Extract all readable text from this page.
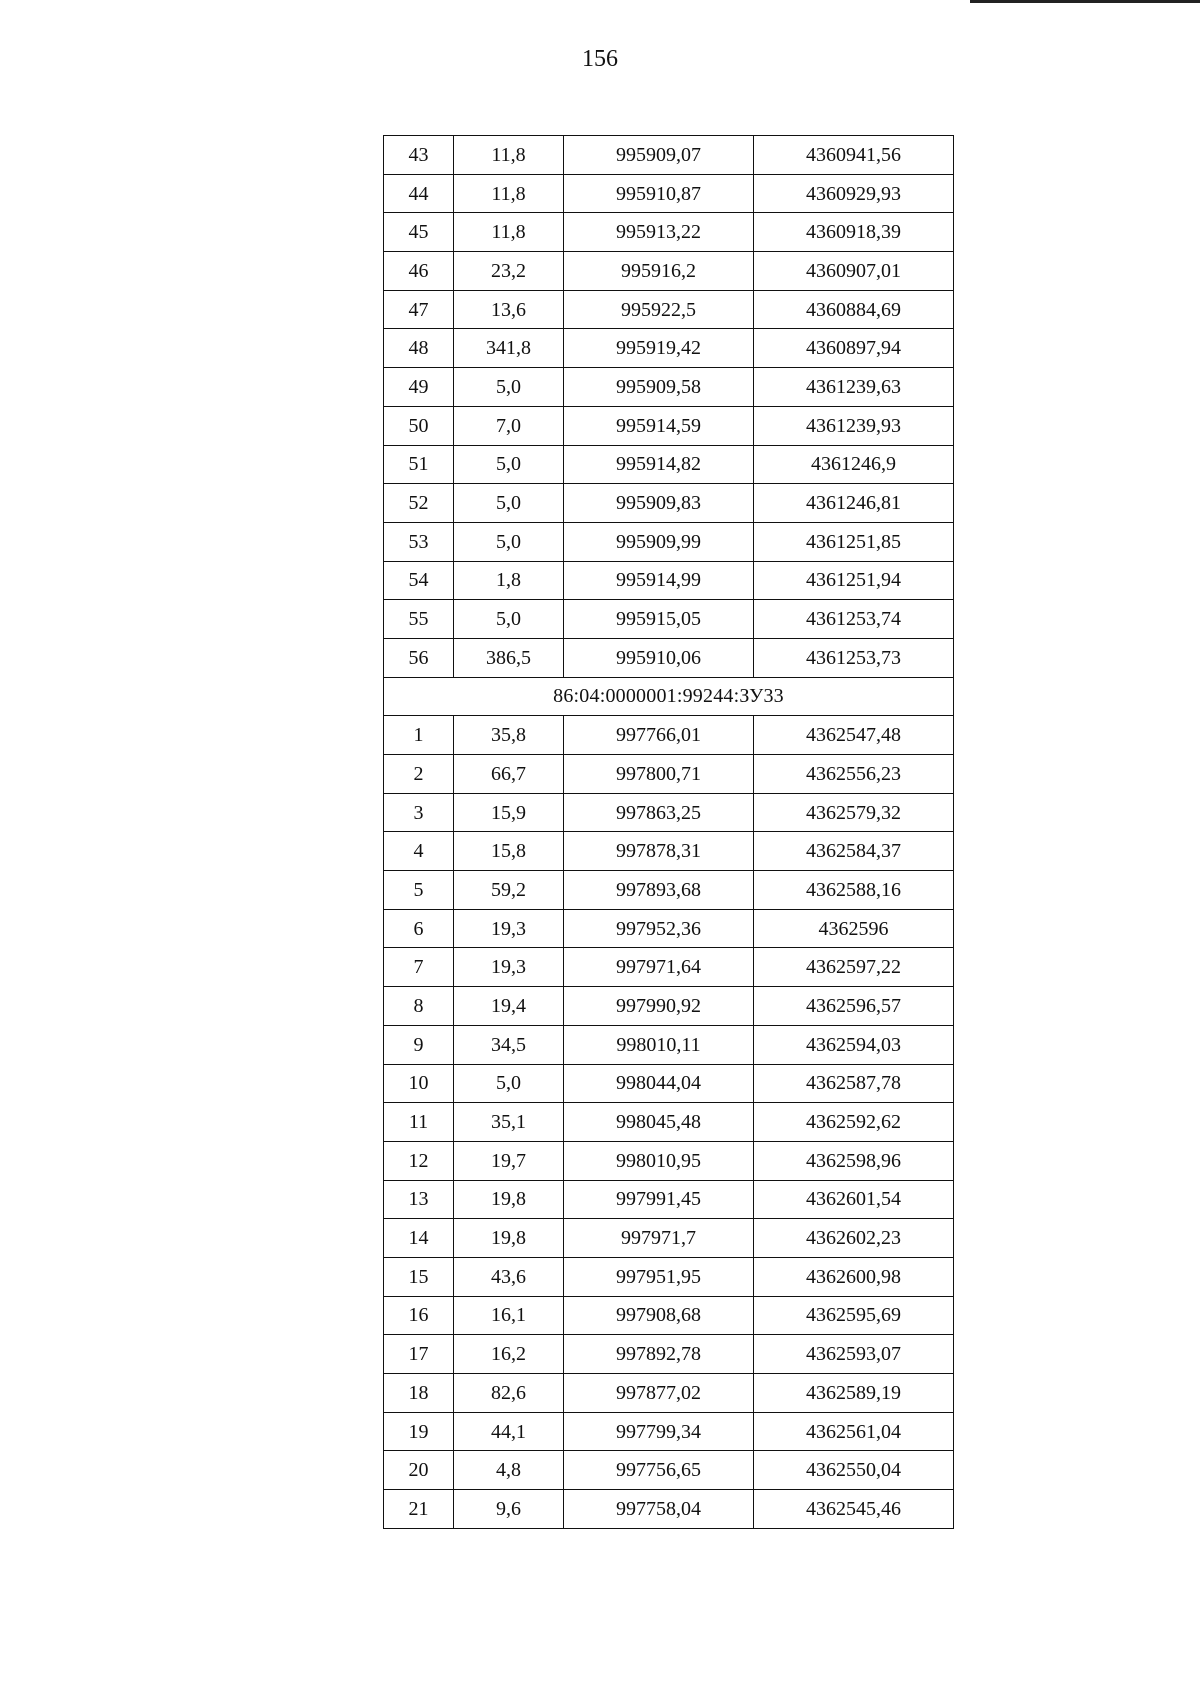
156
43	11,8	995909,07	4360941,56
44	11,8	995910,87	4360929,93
45	11,8	995913,22	4360918,39
46	23,2	995916,2	4360907,01
47	13,6	995922,5	4360884,69
48	341,8	995919,42	4360897,94
49	5,0	995909,58	4361239,63
50	7,0	995914,59	4361239,93
51	5,0	995914,82	4361246,9
52	5,0	995909,83	4361246,81
53	5,0	995909,99	4361251,85
54	1,8	995914,99	4361251,94
55	5,0	995915,05	4361253,74
56	386,5	995910,06	4361253,73
86:04:0000001:99244:ЗУ33			
1	35,8	997766,01	4362547,48
2	66,7	997800,71	4362556,23
3	15,9	997863,25	4362579,32
4	15,8	997878,31	4362584,37
5	59,2	997893,68	4362588,16
6	19,3	997952,36	4362596
7	19,3	997971,64	4362597,22
8	19,4	997990,92	4362596,57
9	34,5	998010,11	4362594,03
10	5,0	998044,04	4362587,78
11	35,1	998045,48	4362592,62
12	19,7	998010,95	4362598,96
13	19,8	997991,45	4362601,54
14	19,8	997971,7	4362602,23
15	43,6	997951,95	4362600,98
16	16,1	997908,68	4362595,69
17	16,2	997892,78	4362593,07
18	82,6	997877,02	4362589,19
19	44,1	997799,34	4362561,04
20	4,8	997756,65	4362550,04
21	9,6	997758,04	4362545,46
